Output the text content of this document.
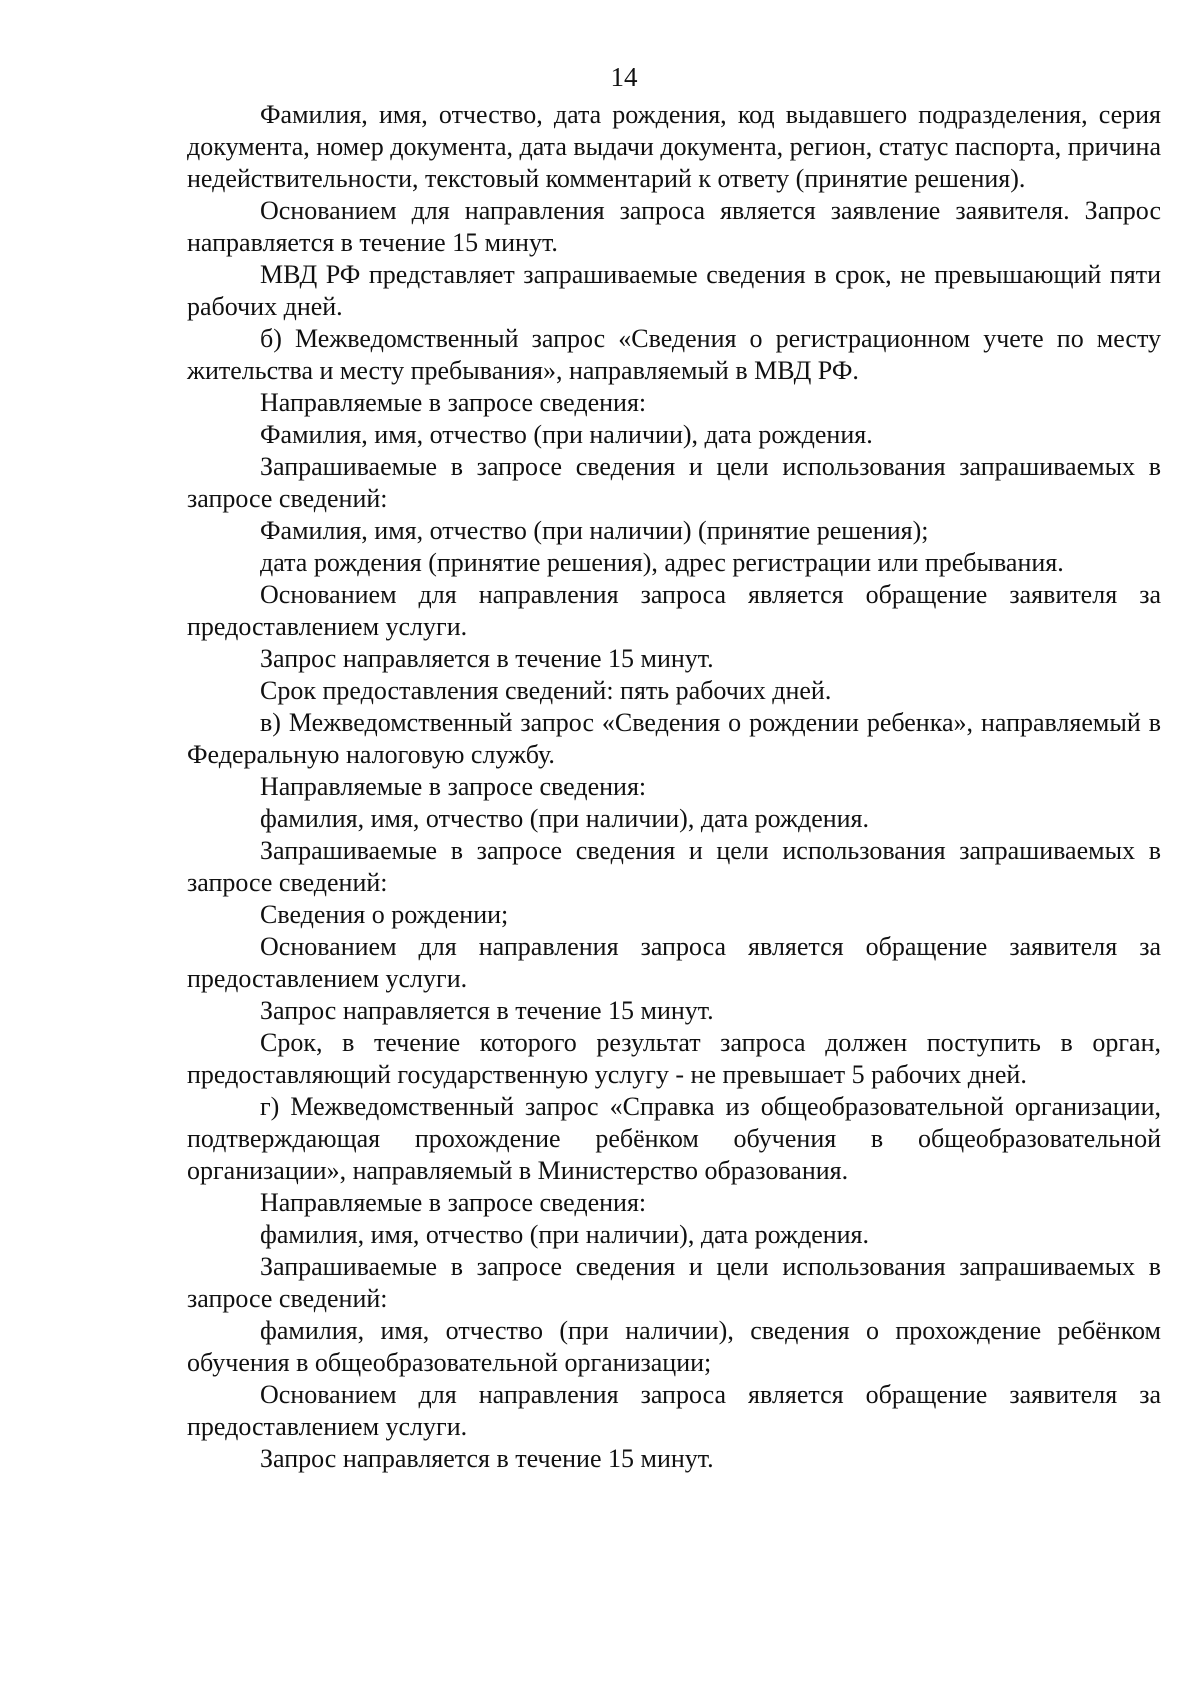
14

Фамилия, имя, отчество, дата рождения, код выдавшего подразделения, серия документа, номер документа, дата выдачи документа, регион, статус паспорта, причина недействительности, текстовый комментарий к ответу (принятие решения).

Основанием для направления запроса является заявление заявителя. Запрос направляется в течение 15 минут.

МВД РФ представляет запрашиваемые сведения в срок, не превышающий пяти рабочих дней.

б) Межведомственный запрос «Сведения о регистрационном учете по месту жительства и месту пребывания», направляемый в МВД РФ.

Направляемые в запросе сведения:

Фамилия, имя, отчество (при наличии), дата рождения.

Запрашиваемые в запросе сведения и цели использования запрашиваемых в запросе сведений:

Фамилия, имя, отчество (при наличии) (принятие решения);

дата рождения (принятие решения), адрес регистрации или пребывания.

Основанием для направления запроса является обращение заявителя за предоставлением услуги.

Запрос направляется в течение 15 минут.

Срок предоставления сведений: пять рабочих дней.

в) Межведомственный запрос «Сведения о рождении ребенка», направляемый в Федеральную налоговую службу.

Направляемые в запросе сведения:

фамилия, имя, отчество (при наличии), дата рождения.

Запрашиваемые в запросе сведения и цели использования запрашиваемых в запросе сведений:

Сведения о рождении;

Основанием для направления запроса является обращение заявителя за предоставлением услуги.

Запрос направляется в течение 15 минут.

Срок, в течение которого результат запроса должен поступить в орган, предоставляющий государственную услугу - не превышает 5 рабочих дней.

г) Межведомственный запрос «Справка из общеобразовательной организации, подтверждающая прохождение ребёнком обучения в общеобразовательной организации», направляемый в Министерство образования.

Направляемые в запросе сведения:

фамилия, имя, отчество (при наличии), дата рождения.

Запрашиваемые в запросе сведения и цели использования запрашиваемых в запросе сведений:

фамилия, имя, отчество (при наличии), сведения о прохождение ребёнком обучения в общеобразовательной организации;

Основанием для направления запроса является обращение заявителя за предоставлением услуги.

Запрос направляется в течение 15 минут.
